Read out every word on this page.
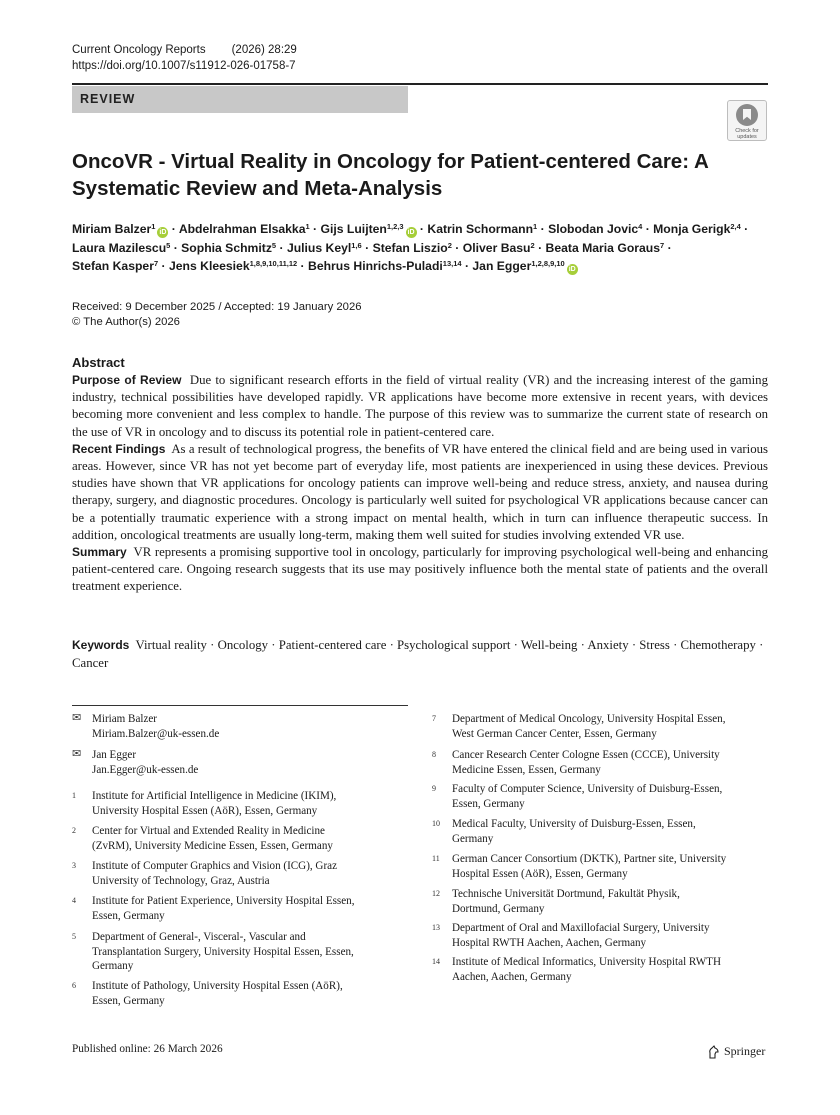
Current Oncology Reports (2026) 28:29
https://doi.org/10.1007/s11912-026-01758-7
REVIEW
Check for
updates
OncoVR - Virtual Reality in Oncology for Patient-centered Care: A Systematic Review and Meta-Analysis
Miriam Balzer$^1$iD · Abdelrahman Elsakka$^1$ · Gijs Luijten$^{1,2,3}$iD · Katrin Schormann$^1$ · Slobodan Jovic$^4$ · Monja Gerigk$^{2,4}$ ·
Laura Mazilescu$^5$ · Sophia Schmitz$^5$ · Julius Keyl$^{1,6}$ · Stefan Liszio$^2$ · Oliver Basu$^2$ · Beata Maria Goraus$^7$ ·
Stefan Kasper$^7$ · Jens Kleesiek$^{1,8,9,10,11,12}$ · Behrus Hinrichs-Puladi$^{13,14}$ · Jan Egger$^{1,2,8,9,10}$iD
Received: 9 December 2025 / Accepted: 19 January 2026
© The Author(s) 2026
Abstract
Purpose of Review Due to significant research efforts in the field of virtual reality (VR) and the increasing interest of the gaming industry, technical possibilities have developed rapidly. VR applications have become more extensive in recent years, with devices becoming more convenient and less complex to handle. The purpose of this review was to summarize the current state of research on the use of VR in oncology and to discuss its potential role in patient-centered care.
Recent Findings As a result of technological progress, the benefits of VR have entered the clinical field and are being used in various areas. However, since VR has not yet become part of everyday life, most patients are inexperienced in using these devices. Previous studies have shown that VR applications for oncology patients can improve well-being and reduce stress, anxiety, and nausea during therapy, surgery, and diagnostic procedures. Oncology is particularly well suited for psychological VR applications because cancer can be a potentially traumatic experience with a strong impact on mental health, which in turn can influence therapeutic success. In addition, oncological treatments are usually long-term, making them well suited for studies involving extended VR use.
Summary VR represents a promising supportive tool in oncology, particularly for improving psychological well-being and enhancing patient-centered care. Ongoing research suggests that its use may positively influence both the mental state of patients and the overall treatment experience.
Keywords Virtual reality · Oncology · Patient-centered care · Psychological support · Well-being · Anxiety · Stress · Chemotherapy · Cancer
✉ Miriam Balzer
Miriam.Balzer@uk-essen.de
✉ Jan Egger
Jan.Egger@uk-essen.de
1 Institute for Artificial Intelligence in Medicine (IKIM),
University Hospital Essen (AöR), Essen, Germany
2 Center for Virtual and Extended Reality in Medicine
(ZvRM), University Medicine Essen, Essen, Germany
3 Institute of Computer Graphics and Vision (ICG), Graz
University of Technology, Graz, Austria
4 Institute for Patient Experience, University Hospital Essen,
Essen, Germany
5 Department of General-, Visceral-, Vascular and
Transplantation Surgery, University Hospital Essen, Essen,
Germany
6 Institute of Pathology, University Hospital Essen (AöR),
Essen, Germany
7 Department of Medical Oncology, University Hospital Essen,
West German Cancer Center, Essen, Germany
8 Cancer Research Center Cologne Essen (CCCE), University
Medicine Essen, Essen, Germany
9 Faculty of Computer Science, University of Duisburg-Essen,
Essen, Germany
10 Medical Faculty, University of Duisburg-Essen, Essen,
Germany
11 German Cancer Consortium (DKTK), Partner site, University
Hospital Essen (AöR), Essen, Germany
12 Technische Universität Dortmund, Fakultät Physik,
Dortmund, Germany
13 Department of Oral and Maxillofacial Surgery, University
Hospital RWTH Aachen, Aachen, Germany
14 Institute of Medical Informatics, University Hospital RWTH
Aachen, Aachen, Germany
Published online: 26 March 2026	Springer
